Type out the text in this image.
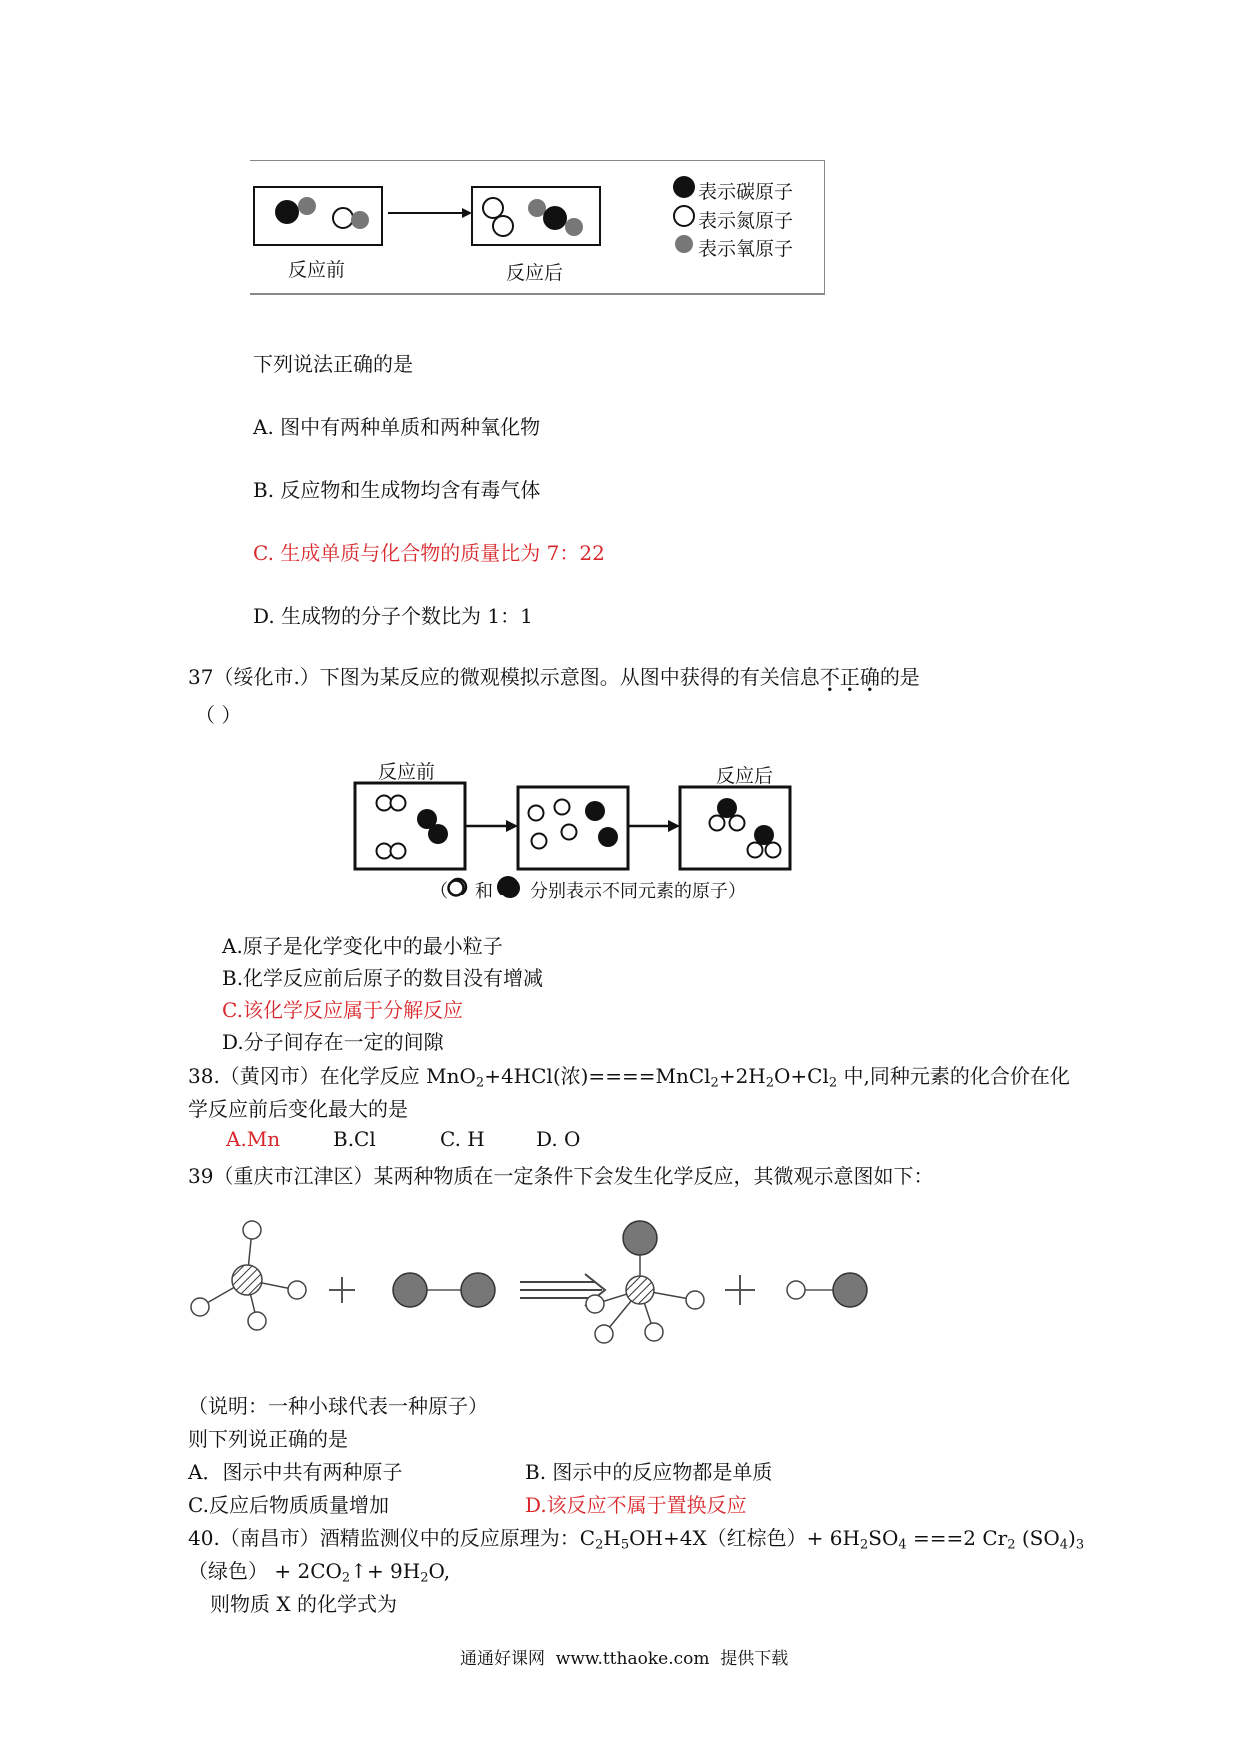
反应前	反应后
表示碳原子
表示氮原子
表示氧原子
下列说法正确的是
A. 图中有两种单质和两种氧化物
B. 反应物和生成物均含有毒气体
C. 生成单质与化合物的质量比为 7：22
D. 生成物的分子个数比为 1：1
37（绥化市.）下图为某反应的微观模拟示意图。从图中获得的有关信息不正确的是
（ ）
反应前	反应后
（ 和 分别表示不同元素的原子）
A.原子是化学变化中的最小粒子
B.化学反应前后原子的数目没有增减
C.该化学反应属于分解反应
D.分子间存在一定的间隙
38.（黄冈市）在化学反应 MnO$_2$+4HCl(浓)$====MnCl_2+2H_2O+Cl_2$ 中,同种元素的化合价在化
学反应前后变化最大的是
A.Mn	B.Cl	C. H	D. O
39（重庆市江津区）某两种物质在一定条件下会发生化学反应，其微观示意图如下：
（说明：一种小球代表一种原子）
则下列说正确的是
A．图示中共有两种原子	B. 图示中的反应物都是单质
C.反应后物质质量增加	D.该反应不属于置换反应
40.（南昌市）酒精监测仪中的反应原理为：$C_2H_5OH+4X$（红棕色）+ $6H_2SO_4 ===2$ $Cr_2$ $(SO_4)_3$
（绿色） + $2CO_2↑+ 9H_2O$,
则物质 X 的化学式为
通通好课网  www.tthaoke.com  提供下载
